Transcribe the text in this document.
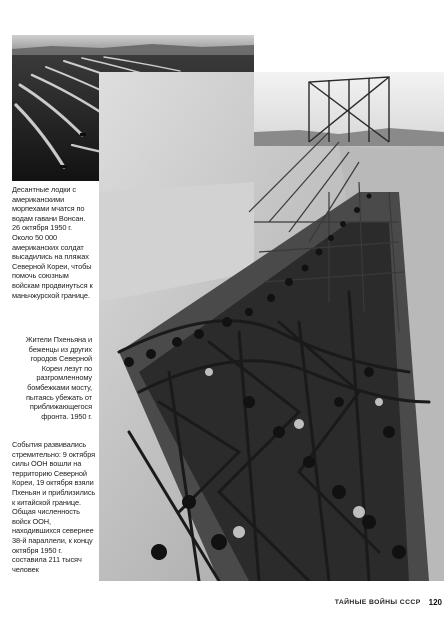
Десантные лодки с американскими морпехами мчатся по водам гавани Вонсан. 26 октября 1950 г. Около 50 000 американских солдат высадились на пляжах Северной Кореи, чтобы помочь союзным войскам продвинуться к маньчжурской границе.
Жители Пхеньяна и беженцы из других городов Северной Кореи лезут по разгромленному бомбежками мосту, пытаясь убежать от приближающегося фронта. 1950 г.
События развивались стремительно: 9 октября силы ООН вошли на территорию Северной Кореи, 19 октября взяли Пхеньян и приблизились к китайской границе. Общая численность войск ООН, находившихся севернее 38-й параллели, к концу октября 1950 г. составила 211 тысяч человек
ТАЙНЫЕ ВОЙНЫ СССР 120
